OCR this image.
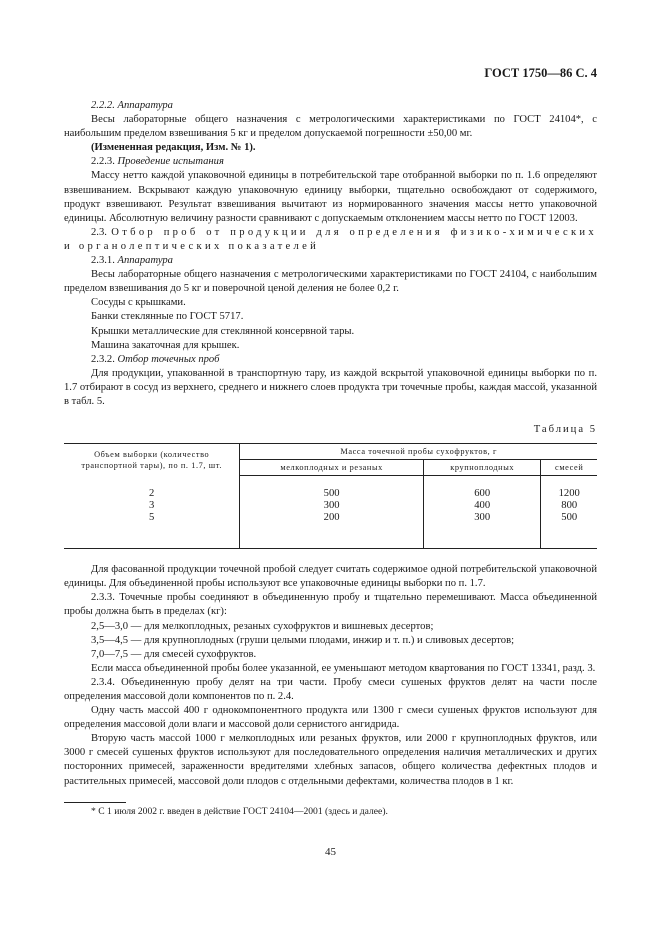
ГОСТ 1750—86 С. 4

2.2.2. Аппаратура

Весы лабораторные общего назначения с метрологическими характеристиками по ГОСТ 24104*, с наибольшим пределом взвешивания 5 кг и пределом допускаемой погрешности ±50,00 мг.

(Измененная редакция, Изм. № 1).

2.2.3. Проведение испытания

Массу нетто каждой упаковочной единицы в потребительской таре отобранной выборки по п. 1.6 определяют взвешиванием. Вскрывают каждую упаковочную единицу выборки, тщательно освобождают от содержимого, продукт взвешивают. Результат взвешивания вычитают из нормированного значения массы нетто упаковочной единицы. Абсолютную величину разности сравнивают с допускаемым отклонением массы нетто по ГОСТ 12003.

2.3. Отбор проб от продукции для определения физико-химических и органолептических показателей

2.3.1. Аппаратура

Весы лабораторные общего назначения с метрологическими характеристиками по ГОСТ 24104, с наибольшим пределом взвешивания до 5 кг и поверочной ценой деления не более 0,2 г.

Сосуды с крышками.

Банки стеклянные по ГОСТ 5717.

Крышки металлические для стеклянной консервной тары.

Машина закаточная для крышек.

2.3.2. Отбор точечных проб

Для продукции, упакованной в транспортную тару, из каждой вскрытой упаковочной единицы выборки по п. 1.7 отбирают в сосуд из верхнего, среднего и нижнего слоев продукта три точечные пробы, каждая массой, указанной в табл. 5.

Таблица 5
Объем выборки (количество транспортной тары), по п. 1.7, шт.	Масса точечной пробы сухофруктов, г		
	мелкоплодных и резаных	крупноплодных	смесей
2	500	600	1200
3	300	400	800
5	200	300	500

Для фасованной продукции точечной пробой следует считать содержимое одной потребительской упаковочной единицы. Для объединенной пробы используют все упаковочные единицы выборки по п. 1.7.

2.3.3. Точечные пробы соединяют в объединенную пробу и тщательно перемешивают. Масса объединенной пробы должна быть в пределах (кг):

2,5—3,0 — для мелкоплодных, резаных сухофруктов и вишневых десертов;

3,5—4,5 — для крупноплодных (груши целыми плодами, инжир и т. п.) и сливовых десертов;

7,0—7,5 — для смесей сухофруктов.

Если масса объединенной пробы более указанной, ее уменьшают методом квартования по ГОСТ 13341, разд. 3.

2.3.4. Объединенную пробу делят на три части. Пробу смеси сушеных фруктов делят на части после определения массовой доли компонентов по п. 2.4.

Одну часть массой 400 г однокомпонентного продукта или 1300 г смеси сушеных фруктов используют для определения массовой доли влаги и массовой доли сернистого ангидрида.

Вторую часть массой 1000 г мелкоплодных или резаных фруктов, или 2000 г крупноплодных фруктов, или 3000 г смесей сушеных фруктов используют для последовательного определения наличия металлических и других посторонних примесей, зараженности вредителями хлебных запасов, общего количества дефектных плодов и растительных примесей, массовой доли плодов с отдельными дефектами, количества плодов в 1 кг.

* С 1 июля 2002 г. введен в действие ГОСТ 24104—2001 (здесь и далее).

45
